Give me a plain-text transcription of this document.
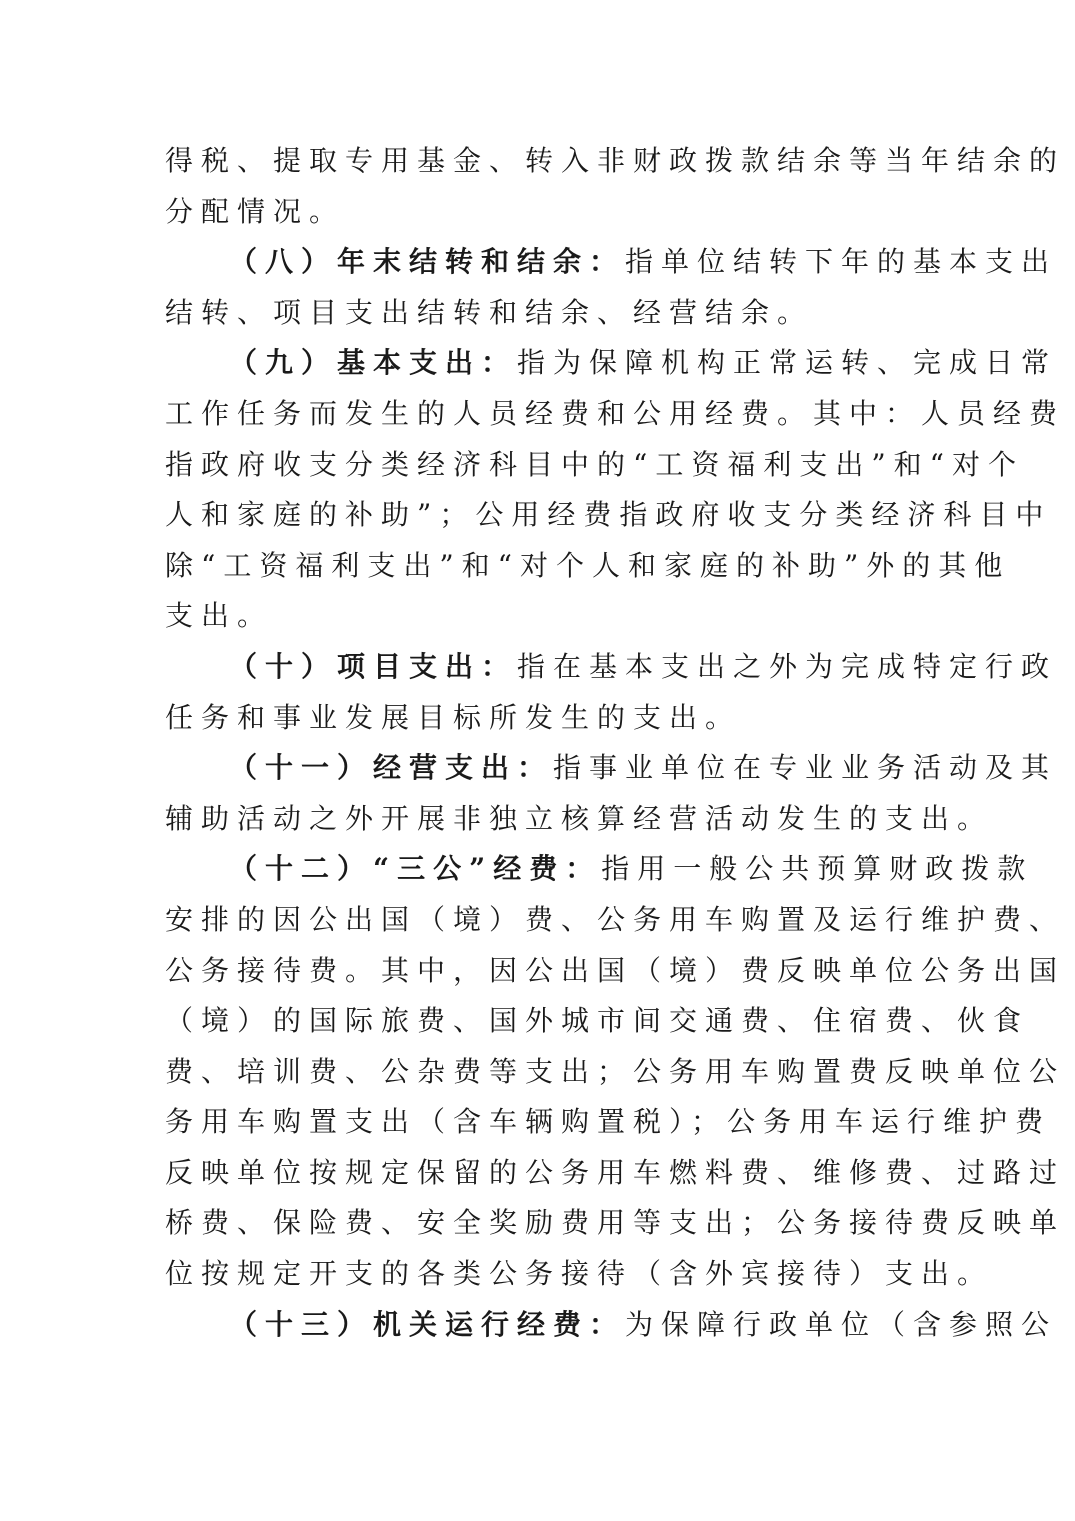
得税、提取专用基金、转入非财政拨款结余等当年结余的
分配情况。
（八）年末结转和结余：指单位结转下年的基本支出
结转、项目支出结转和结余、经营结余。
（九）基本支出：指为保障机构正常运转、完成日常
工作任务而发生的人员经费和公用经费。其中：人员经费
指政府收支分类经济科目中的“工资福利支出”和“对个
人和家庭的补助”；公用经费指政府收支分类经济科目中
除“工资福利支出”和“对个人和家庭的补助”外的其他
支出。
（十）项目支出：指在基本支出之外为完成特定行政
任务和事业发展目标所发生的支出。
（十一）经营支出：指事业单位在专业业务活动及其
辅助活动之外开展非独立核算经营活动发生的支出。
（十二）“三公”经费：指用一般公共预算财政拨款
安排的因公出国（境）费、公务用车购置及运行维护费、
公务接待费。其中，因公出国（境）费反映单位公务出国
（境）的国际旅费、国外城市间交通费、住宿费、伙食
费、培训费、公杂费等支出；公务用车购置费反映单位公
务用车购置支出（含车辆购置税）；公务用车运行维护费
反映单位按规定保留的公务用车燃料费、维修费、过路过
桥费、保险费、安全奖励费用等支出；公务接待费反映单
位按规定开支的各类公务接待（含外宾接待）支出。
（十三）机关运行经费：为保障行政单位（含参照公
